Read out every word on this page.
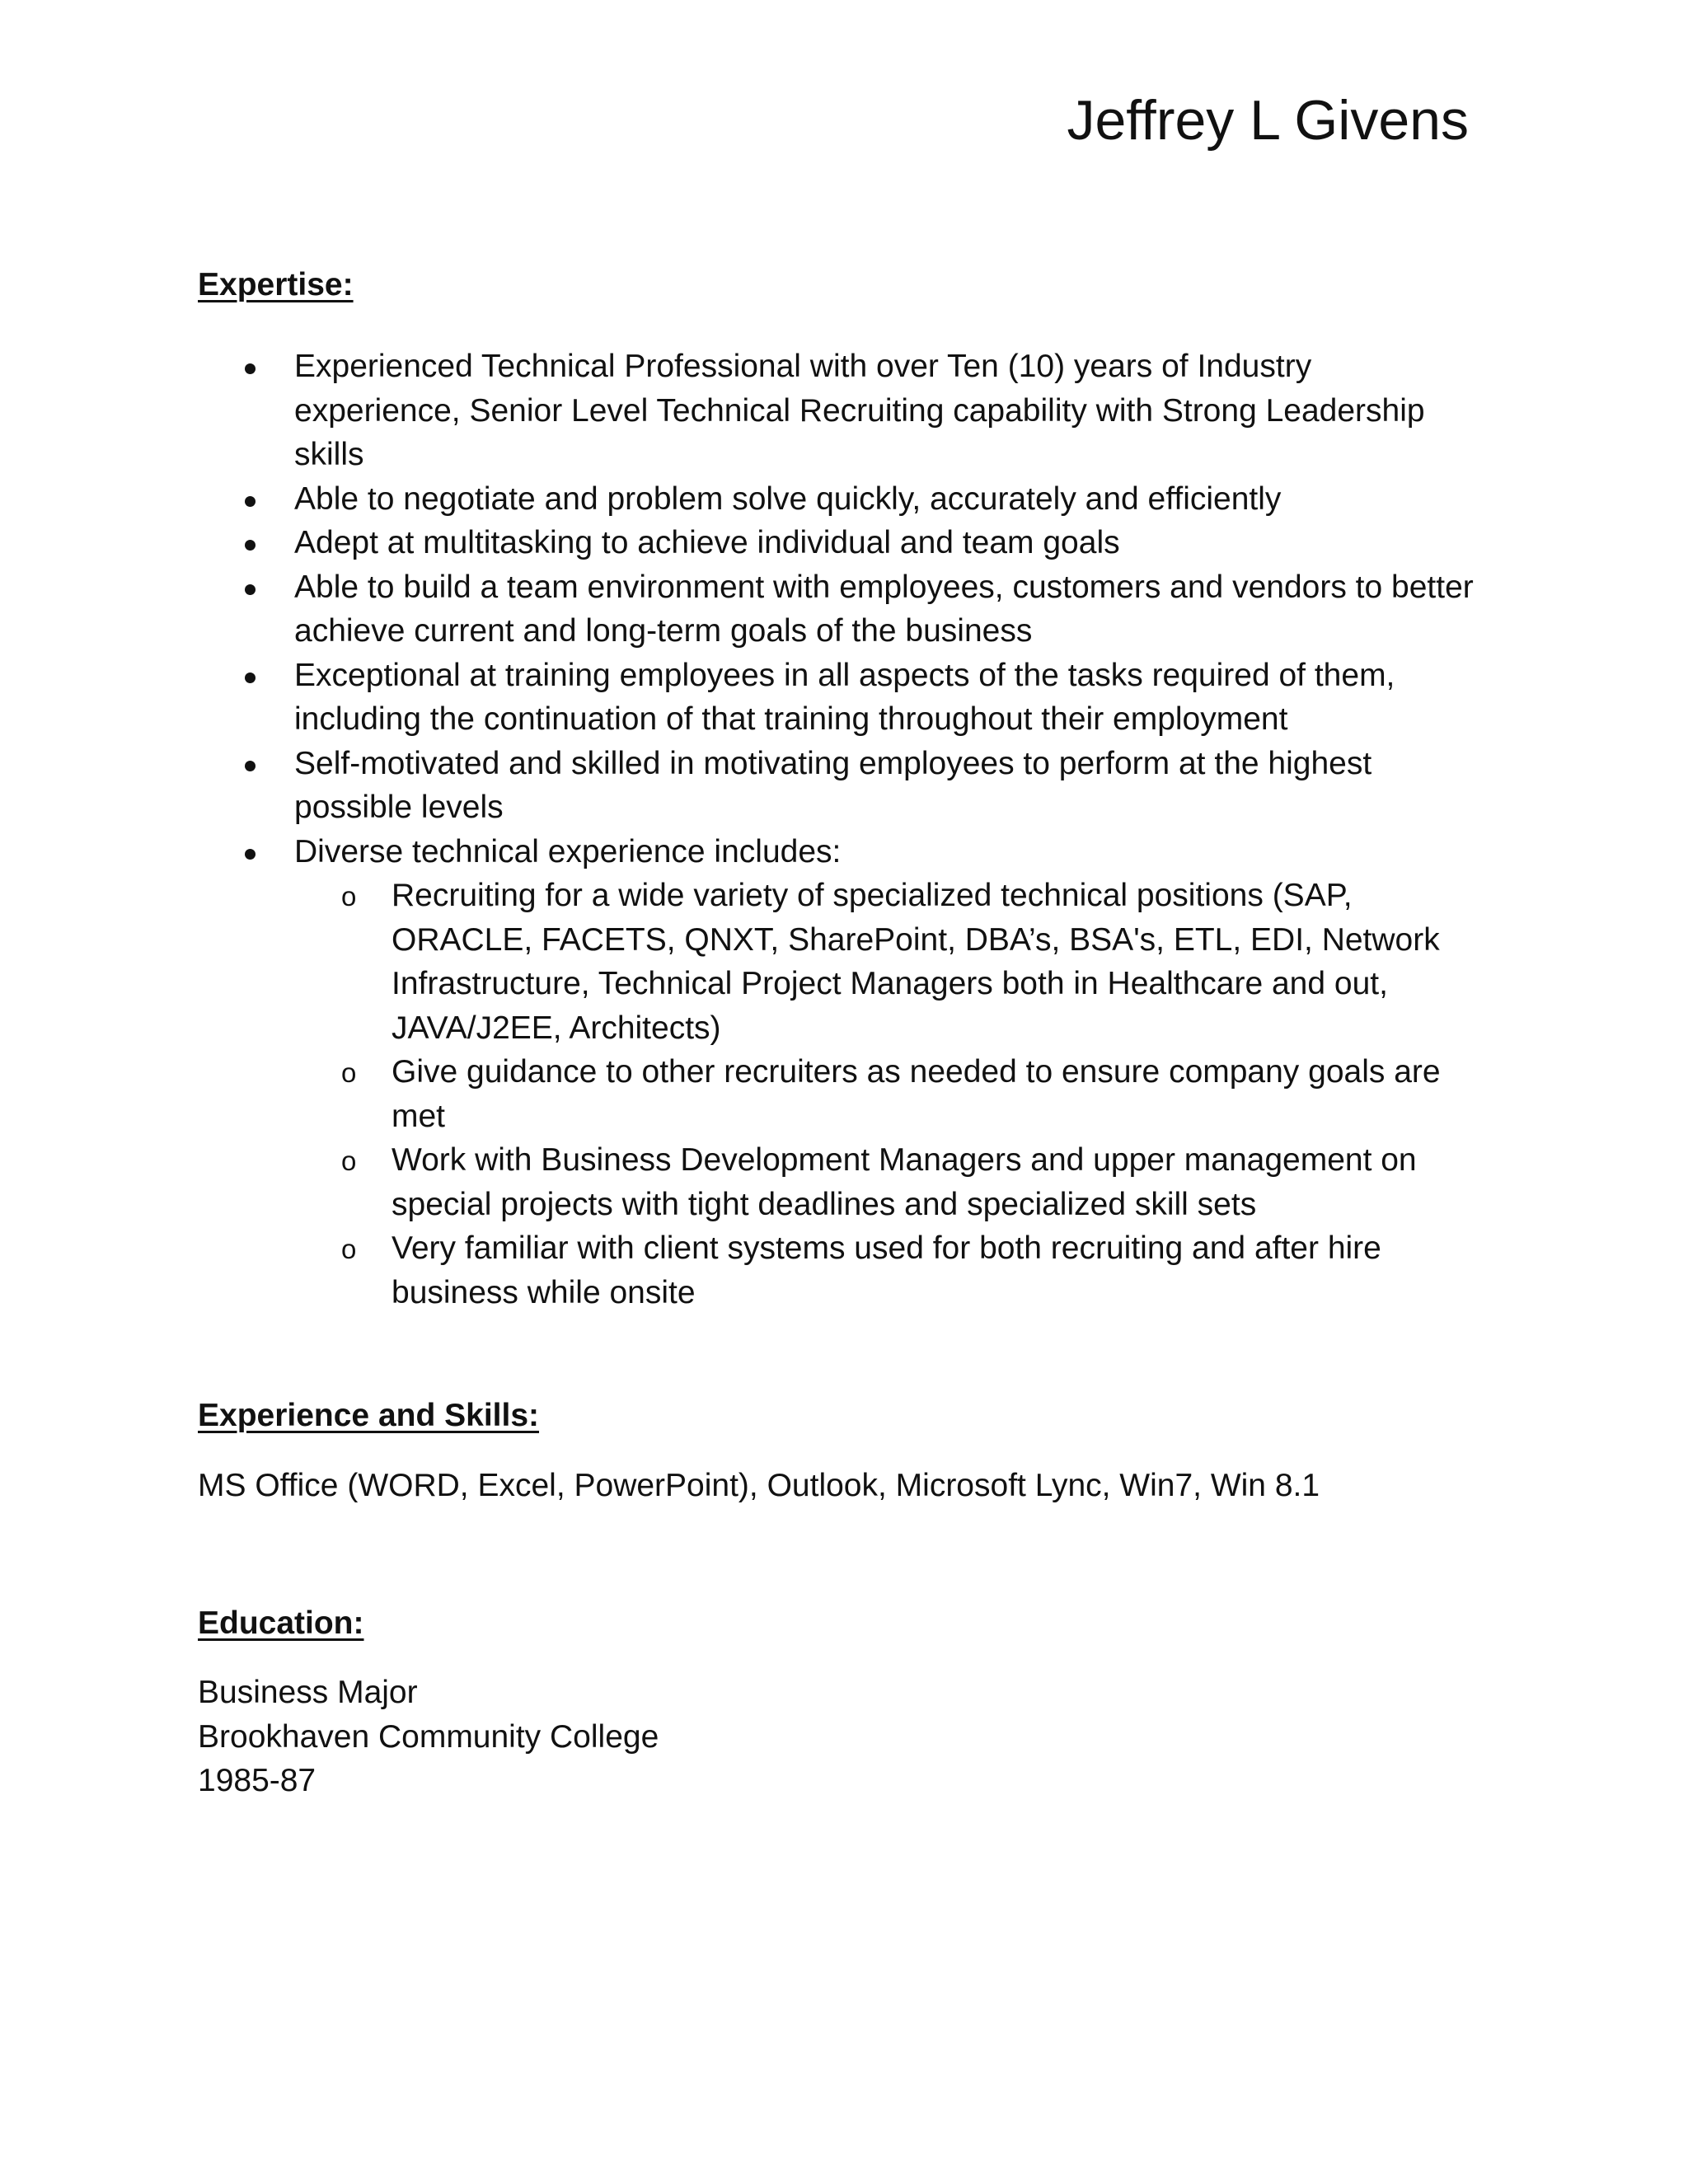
Jeffrey L Givens
Expertise:
Experienced Technical Professional with over Ten (10) years of Industry experience, Senior Level Technical Recruiting capability with Strong Leadership skills
Able to negotiate and problem solve quickly, accurately and efficiently
Adept at multitasking to achieve individual and team goals
Able to build a team environment with employees, customers and vendors to better achieve current and long-term goals of the business
Exceptional at training employees in all aspects of the tasks required of them, including the continuation of that training throughout their employment
Self-motivated and skilled in motivating employees to perform at the highest possible levels
Diverse technical experience includes:
o Recruiting for a wide variety of specialized technical positions (SAP, ORACLE, FACETS, QNXT, SharePoint, DBA’s, BSA's, ETL, EDI, Network Infrastructure, Technical Project Managers both in Healthcare and out, JAVA/J2EE, Architects)
o Give guidance to other recruiters as needed to ensure company goals are met
o Work with Business Development Managers and upper management on special projects with tight deadlines and specialized skill sets
o Very familiar with client systems used for both recruiting and after hire business while onsite
Experience and Skills:

MS Office (WORD, Excel, PowerPoint), Outlook, Microsoft Lync, Win7, Win 8.1

Education:
Business Major
Brookhaven Community College
1985-87
